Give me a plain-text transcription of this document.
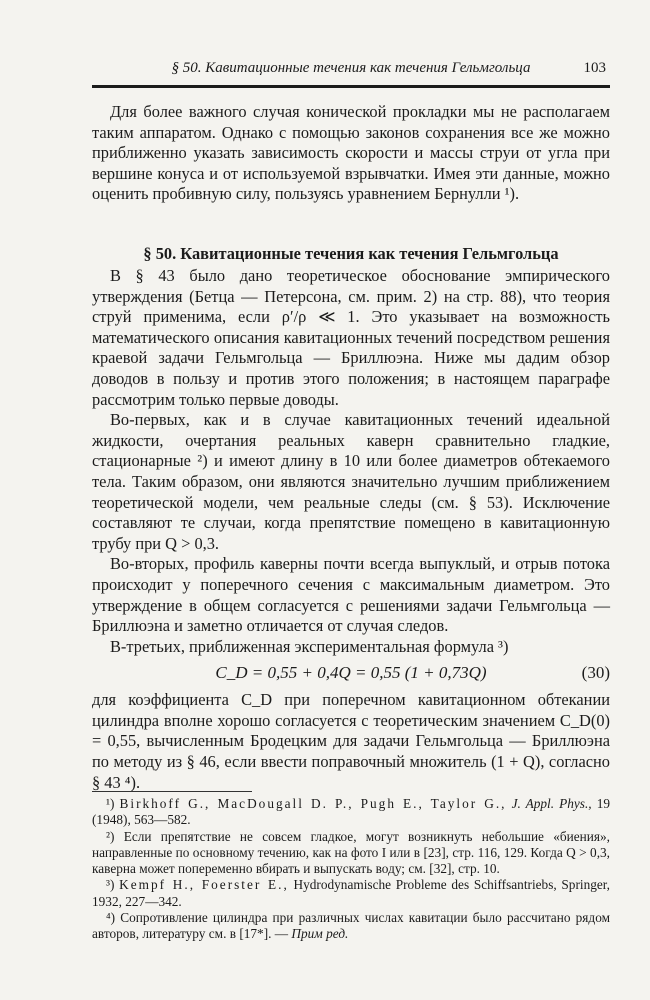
§ 50. Кавитационные течения как течения Гельмгольца	103

Для более важного случая конической прокладки мы не располагаем таким аппаратом. Однако с помощью законов сохранения все же можно приближенно указать зависимость скорости и массы струи от угла при вершине конуса и от используемой взрывчатки. Имея эти данные, можно оценить пробивную силу, пользуясь уравнением Бернулли ¹).

§ 50. Кавитационные течения как течения Гельмгольца

В § 43 было дано теоретическое обоснование эмпирического утверждения (Бетца — Петерсона, см. прим. 2) на стр. 88), что теория струй применима, если ρ′/ρ ≪ 1. Это указывает на возможность математического описания кавитационных течений посредством решения краевой задачи Гельмгольца — Бриллюэна. Ниже мы дадим обзор доводов в пользу и против этого положения; в настоящем параграфе рассмотрим только первые доводы.

Во-первых, как и в случае кавитационных течений идеальной жидкости, очертания реальных каверн сравнительно гладкие, стационарные ²) и имеют длину в 10 или более диаметров обтекаемого тела. Таким образом, они являются значительно лучшим приближением теоретической модели, чем реальные следы (см. § 53). Исключение составляют те случаи, когда препятствие помещено в кавитационную трубу при Q > 0,3.

Во-вторых, профиль каверны почти всегда выпуклый, и отрыв потока происходит у поперечного сечения с максимальным диаметром. Это утверждение в общем согласуется с решениями задачи Гельмгольца — Бриллюэна и заметно отличается от случая следов.

В-третьих, приближенная экспериментальная формула ³)

C_D = 0,55 + 0,4Q = 0,55 (1 + 0,73Q)	(30)

для коэффициента C_D при поперечном кавитационном обтекании цилиндра вполне хорошо согласуется с теоретическим значением C_D(0) = 0,55, вычисленным Бродецким для задачи Гельмгольца — Бриллюэна по методу из § 46, если ввести поправочный множитель (1 + Q), согласно § 43 ⁴).

¹) Birkhoff G., MacDougall D. P., Pugh E., Taylor G., J. Appl. Phys., 19 (1948), 563—582.

²) Если препятствие не совсем гладкое, могут возникнуть небольшие «биения», направленные по основному течению, как на фото I или в [23], стр. 116, 129. Когда Q > 0,3, каверна может попеременно вбирать и выпускать воду; см. [32], стр. 10.

³) Kempf H., Foerster E., Hydrodynamische Probleme des Schiffsantriebs, Springer, 1932, 227—342.

⁴) Сопротивление цилиндра при различных числах кавитации было рассчитано рядом авторов, литературу см. в [17*]. — Прим ред.
